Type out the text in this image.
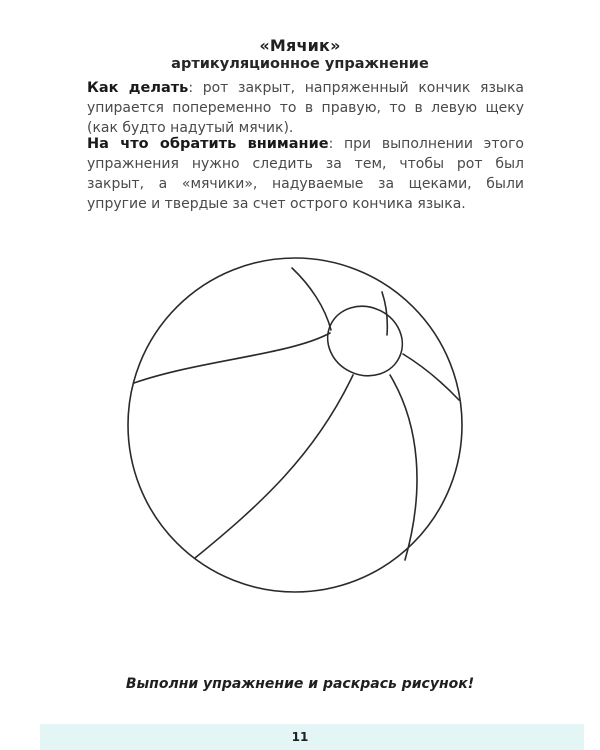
«Мячик»
артикуляционное упражнение
Как делать: рот закрыт, напряженный кончик языка упирается попеременно то в правую, то в левую щеку (как будто надутый мячик).
На что обратить внимание: при выполнении этого упражнения нужно следить за тем, чтобы рот был закрыт, а «мячики», надуваемые за щеками, были упругие и твердые за счет острого кончика языка.
Выполни упражнение и раскрась рисунок!
11
